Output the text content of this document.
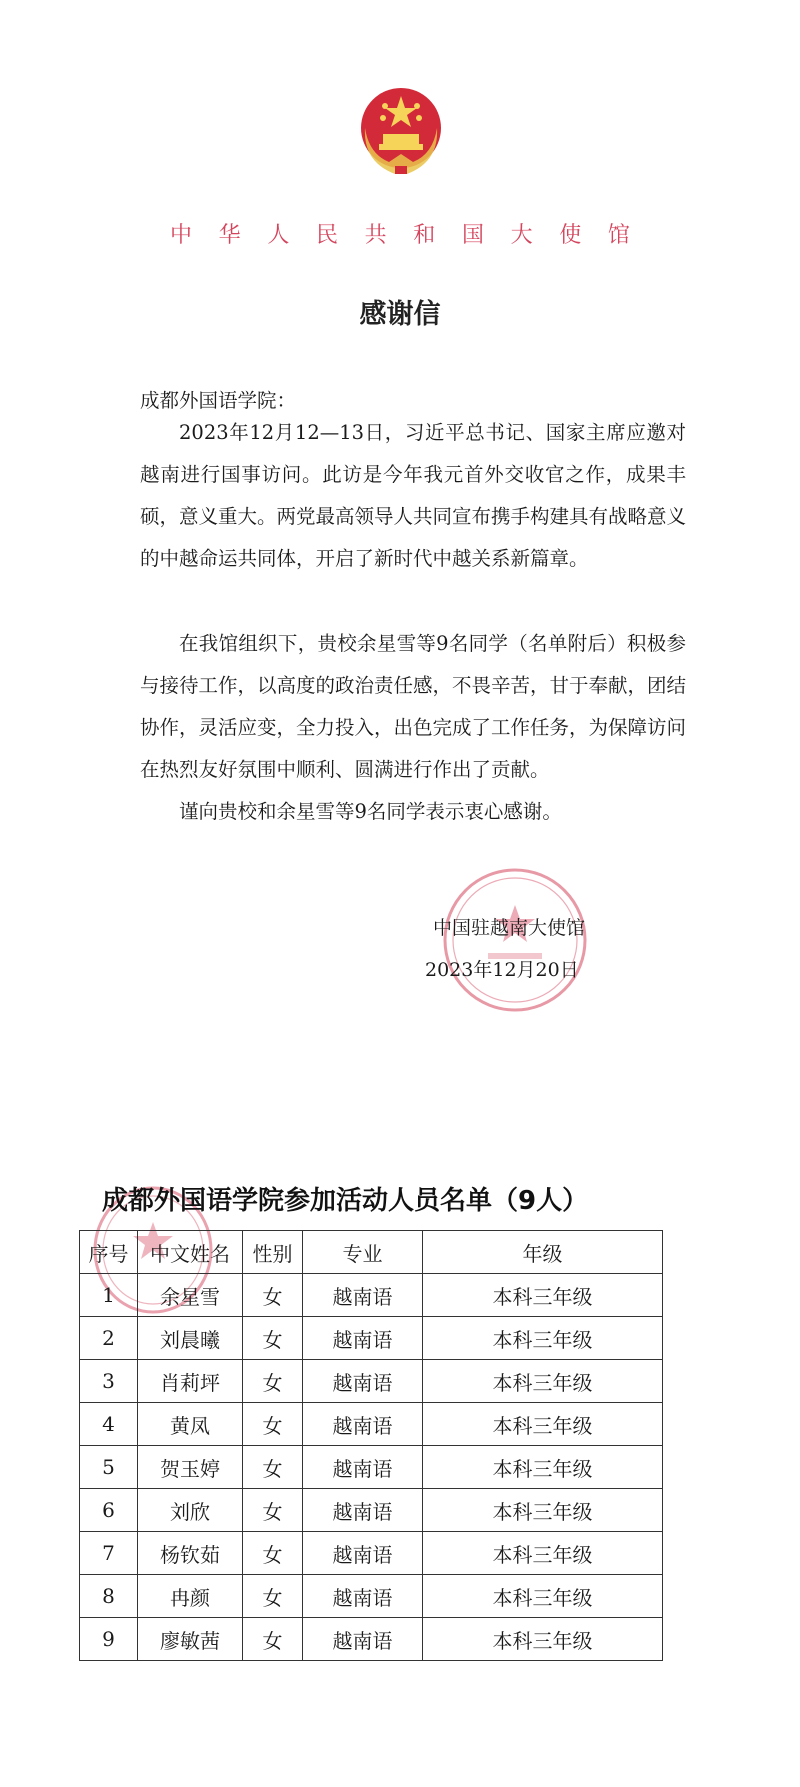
中 华 人 民 共 和 国 大 使 馆
感谢信
成都外国语学院：

2023年12月12—13日，习近平总书记、国家主席应邀对越南进行国事访问。此访是今年我元首外交收官之作，成果丰硕，意义重大。两党最高领导人共同宣布携手构建具有战略意义的中越命运共同体，开启了新时代中越关系新篇章。

在我馆组织下，贵校余星雪等9名同学（名单附后）积极参与接待工作，以高度的政治责任感，不畏辛苦，甘于奉献，团结协作，灵活应变，全力投入，出色完成了工作任务，为保障访问在热烈友好氛围中顺利、圆满进行作出了贡献。

谨向贵校和余星雪等9名同学表示衷心感谢。

中国驻越南大使馆
2023年12月20日
成都外国语学院参加活动人员名单（9人）
序号	中文姓名	性别	专业	年级
1	余星雪	女	越南语	本科三年级
2	刘晨曦	女	越南语	本科三年级
3	肖莉坪	女	越南语	本科三年级
4	黄凤	女	越南语	本科三年级
5	贺玉婷	女	越南语	本科三年级
6	刘欣	女	越南语	本科三年级
7	杨钦茹	女	越南语	本科三年级
8	冉颜	女	越南语	本科三年级
9	廖敏茜	女	越南语	本科三年级
